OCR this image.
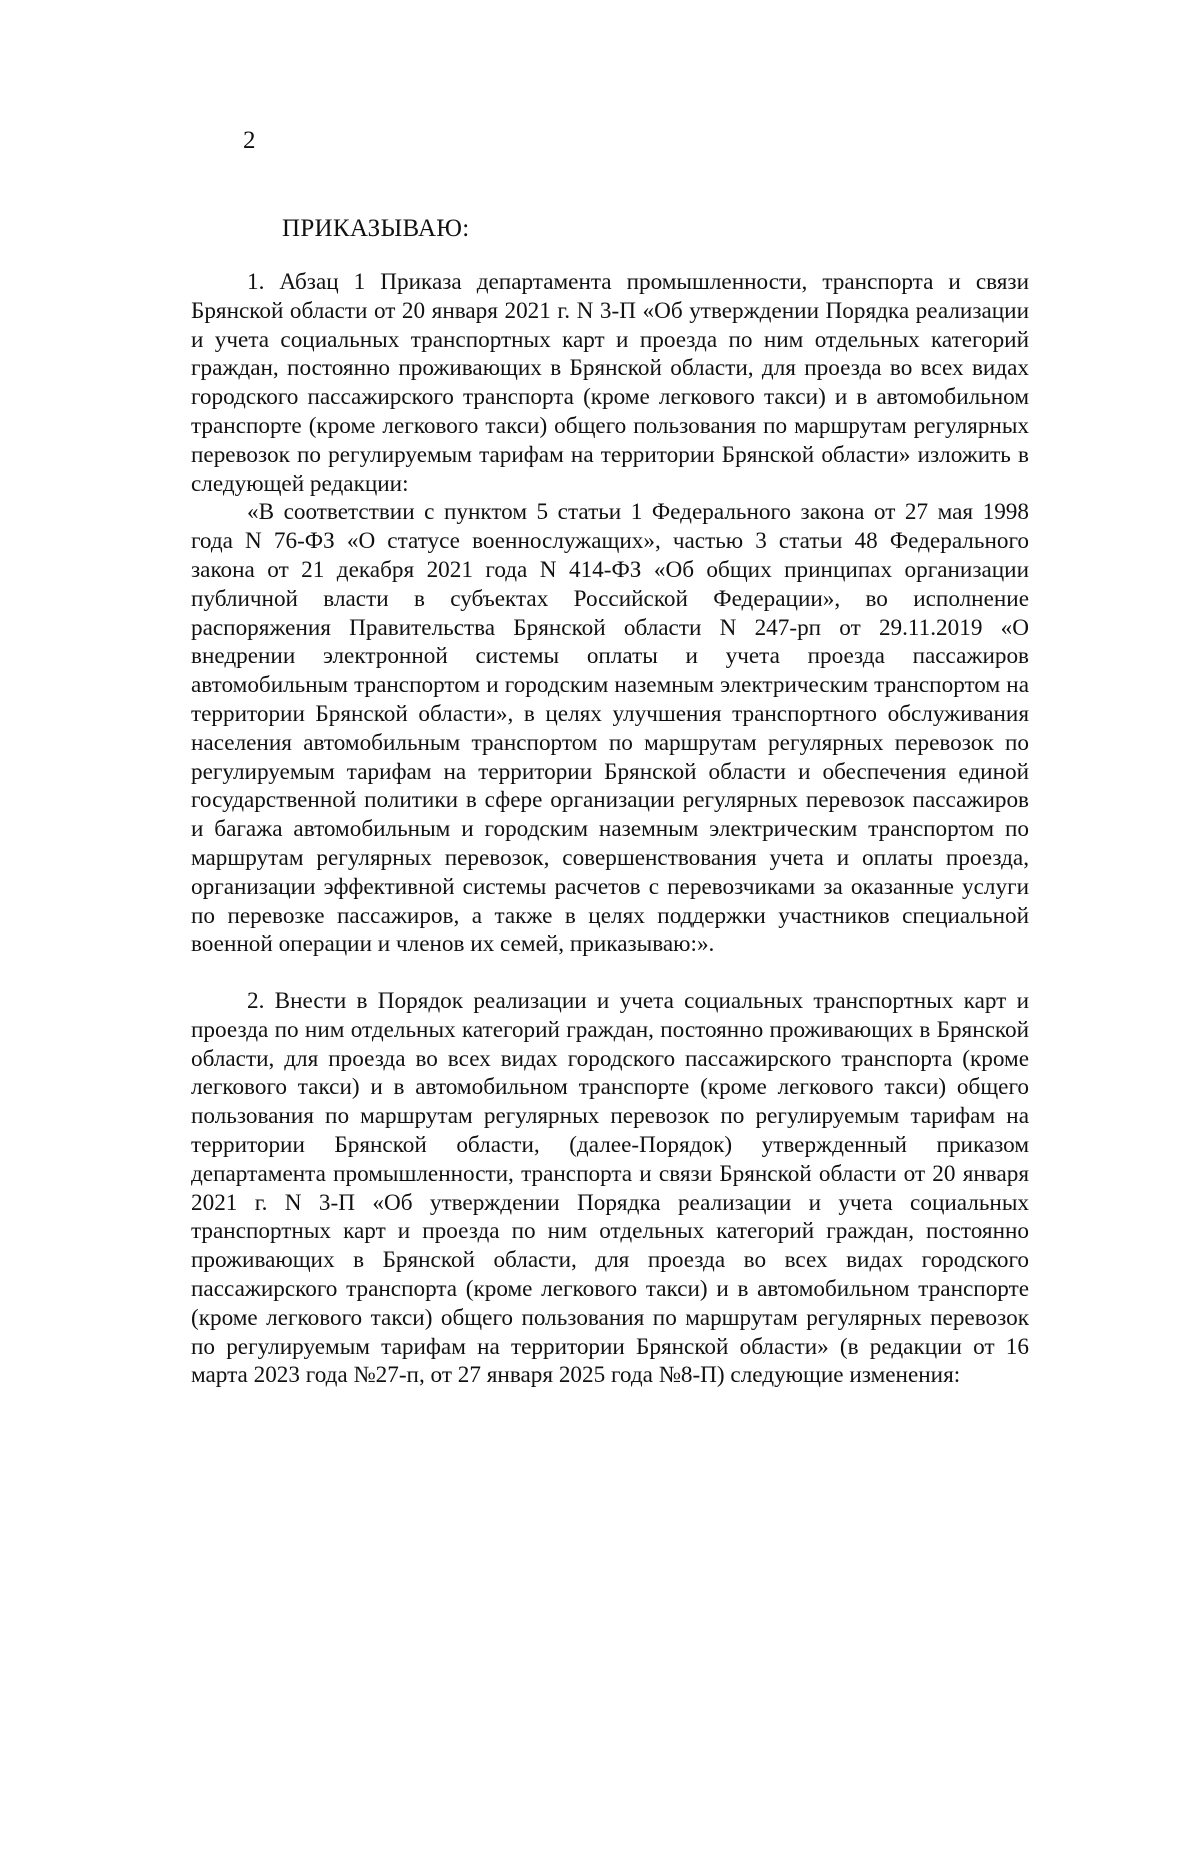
2
ПРИКАЗЫВАЮ:

1. Абзац 1 Приказа департамента промышленности, транспорта и связи Брянской области от 20 января 2021 г. N 3-П «Об утверждении Порядка реализации и учета социальных транспортных карт и проезда по ним отдельных категорий граждан, постоянно проживающих в Брянской области, для проезда во всех видах городского пассажирского транспорта (кроме легкового такси) и в автомобильном транспорте (кроме легкового такси) общего пользования по маршрутам регулярных перевозок по регулируемым тарифам на территории Брянской области» изложить в следующей редакции:

«В соответствии с пунктом 5 статьи 1 Федерального закона от 27 мая 1998 года N 76-ФЗ «О статусе военнослужащих», частью 3 статьи 48 Федерального закона от 21 декабря 2021 года N 414-ФЗ «Об общих принципах организации публичной власти в субъектах Российской Федерации», во исполнение распоряжения Правительства Брянской области N 247-рп от 29.11.2019 «О внедрении электронной системы оплаты и учета проезда пассажиров автомобильным транспортом и городским наземным электрическим транспортом на территории Брянской области», в целях улучшения транспортного обслуживания населения автомобильным транспортом по маршрутам регулярных перевозок по регулируемым тарифам на территории Брянской области и обеспечения единой государственной политики в сфере организации регулярных перевозок пассажиров и багажа автомобильным и городским наземным электрическим транспортом по маршрутам регулярных перевозок, совершенствования учета и оплаты проезда, организации эффективной системы расчетов с перевозчиками за оказанные услуги по перевозке пассажиров, а также в целях поддержки участников специальной военной операции и членов их семей, приказываю:».

2. Внести в Порядок реализации и учета социальных транспортных карт и проезда по ним отдельных категорий граждан, постоянно проживающих в Брянской области, для проезда во всех видах городского пассажирского транспорта (кроме легкового такси) и в автомобильном транспорте (кроме легкового такси) общего пользования по маршрутам регулярных перевозок по регулируемым тарифам на территории Брянской области, (далее-Порядок) утвержденный приказом департамента промышленности, транспорта и связи Брянской области от 20 января 2021 г. N 3-П «Об утверждении Порядка реализации и учета социальных транспортных карт и проезда по ним отдельных категорий граждан, постоянно проживающих в Брянской области, для проезда во всех видах городского пассажирского транспорта (кроме легкового такси) и в автомобильном транспорте (кроме легкового такси) общего пользования по маршрутам регулярных перевозок по регулируемым тарифам на территории Брянской области» (в редакции от 16 марта 2023 года №27-п, от 27 января 2025 года №8-П) следующие изменения:
